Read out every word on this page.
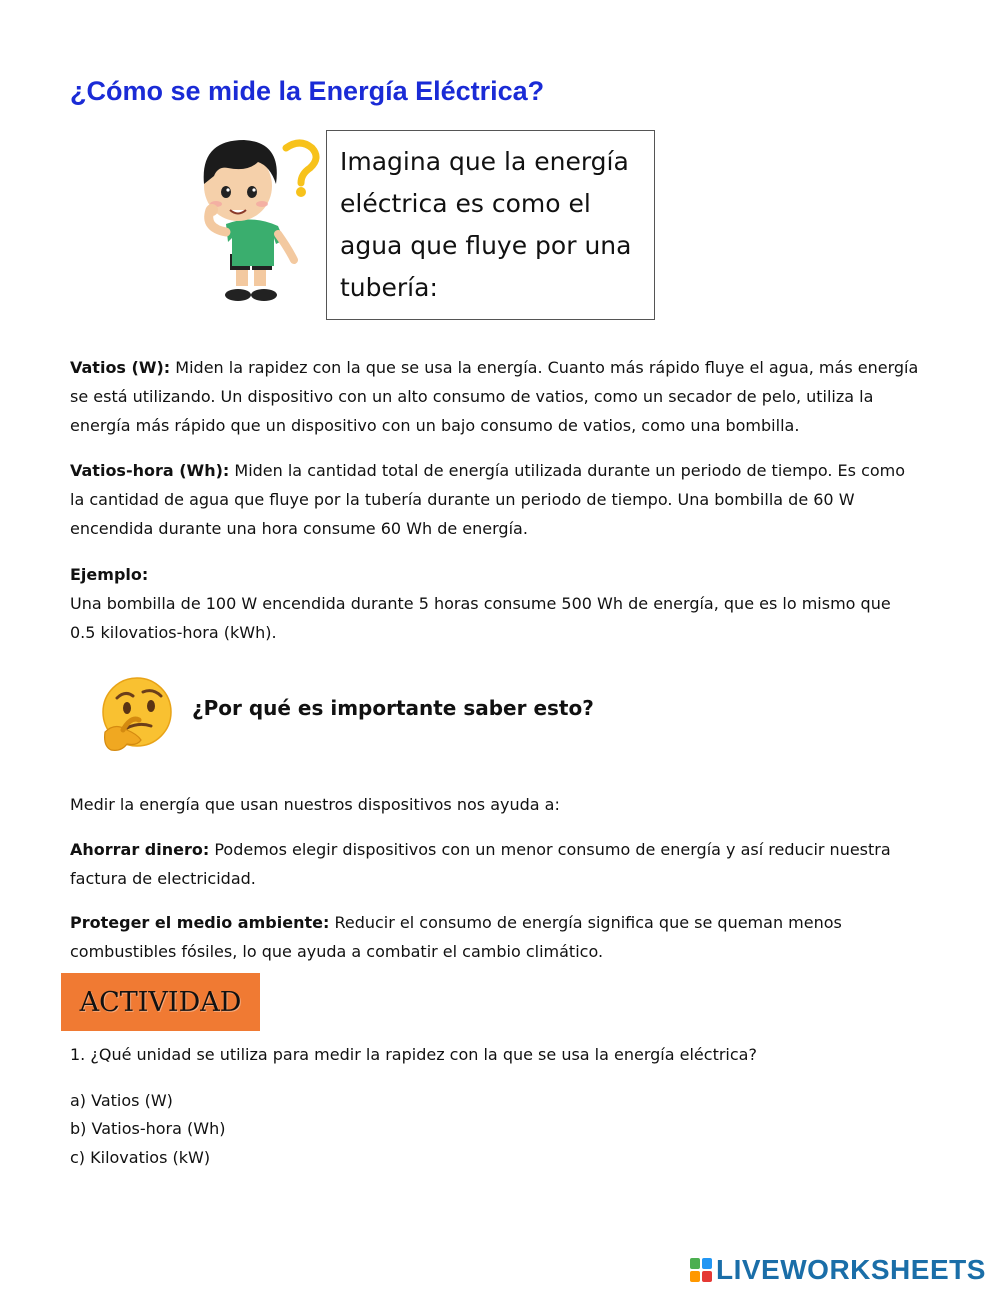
¿Cómo se mide la Energía Eléctrica?
Imagina que la energía eléctrica es como el agua que fluye por una tubería:
Vatios (W): Miden la rapidez con la que se usa la energía. Cuanto más rápido fluye el agua, más energía se está utilizando. Un dispositivo con un alto consumo de vatios, como un secador de pelo, utiliza la energía más rápido que un dispositivo con un bajo consumo de vatios, como una bombilla.
Vatios-hora (Wh): Miden la cantidad total de energía utilizada durante un periodo de tiempo. Es como la cantidad de agua que fluye por la tubería durante un periodo de tiempo. Una bombilla de 60 W encendida durante una hora consume 60 Wh de energía.
Ejemplo:
Una bombilla de 100 W encendida durante 5 horas consume 500 Wh de energía, que es lo mismo que 0.5 kilovatios-hora (kWh).
¿Por qué es importante saber esto?
Medir la energía que usan nuestros dispositivos nos ayuda a:
Ahorrar dinero: Podemos elegir dispositivos con un menor consumo de energía y así reducir nuestra factura de electricidad.
Proteger el medio ambiente: Reducir el consumo de energía significa que se queman menos combustibles fósiles, lo que ayuda a combatir el cambio climático.
ACTIVIDAD
1. ¿Qué unidad se utiliza para medir la rapidez con la que se usa la energía eléctrica?
a) Vatios (W)
b) Vatios-hora (Wh)
c) Kilovatios (kW)
LIVEWORKSHEETS
